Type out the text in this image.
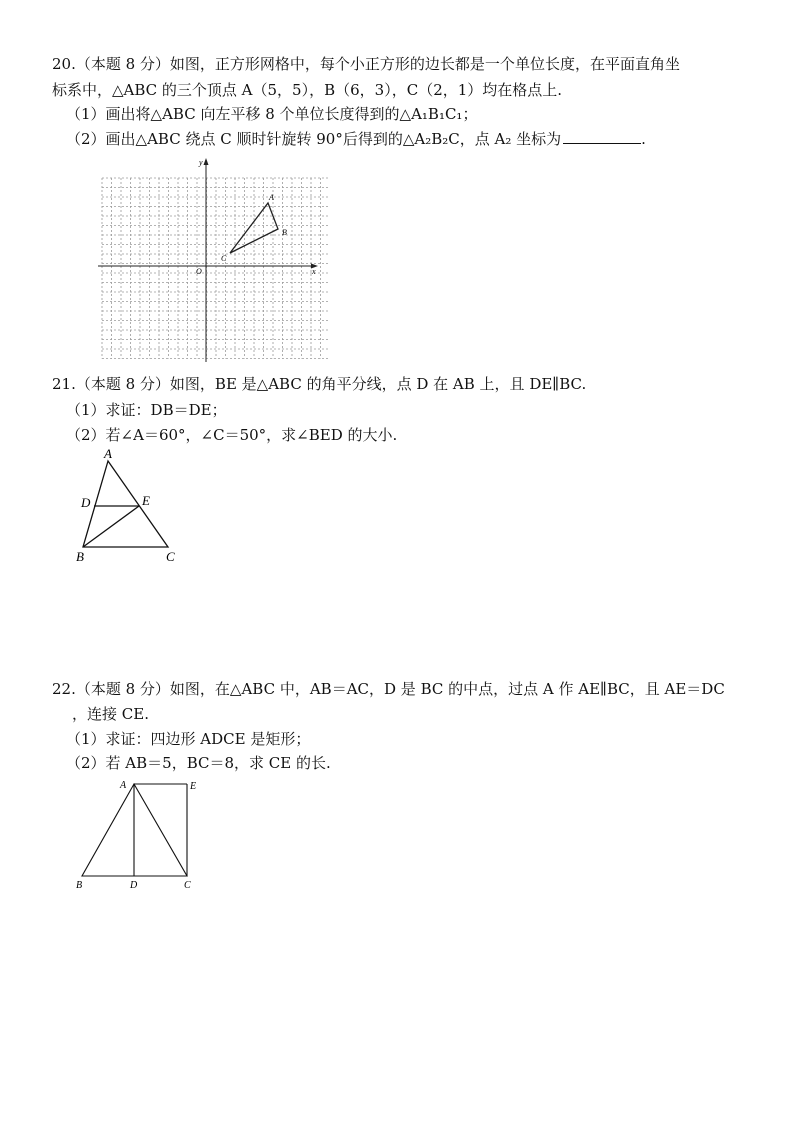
20.（本题 8 分）如图，正方形网格中，每个小正方形的边长都是一个单位长度，在平面直角坐
标系中，△ABC 的三个顶点 A（5，5），B（6，3），C（2，1）均在格点上.
（1）画出将△ABC 向左平移 8 个单位长度得到的△A₁B₁C₁；
（2）画出△ABC 绕点 C 顺时针旋转 90°后得到的△A₂B₂C，点 A₂ 坐标为	.
x
y
O
A
B
C
21.（本题 8 分）如图，BE 是△ABC 的角平分线，点 D 在 AB 上，且 DE∥BC.
（1）求证：DB＝DE；
（2）若∠A＝60°，∠C＝50°，求∠BED 的大小.
A
D	E
B	C
22.（本题 8 分）如图，在△ABC 中，AB＝AC，D 是 BC 的中点，过点 A 作 AE∥BC，且 AE＝DC
，连接 CE.
（1）求证：四边形 ADCE 是矩形；
（2）若 AB＝5，BC＝8，求 CE 的长.
A	E
B	D	C
